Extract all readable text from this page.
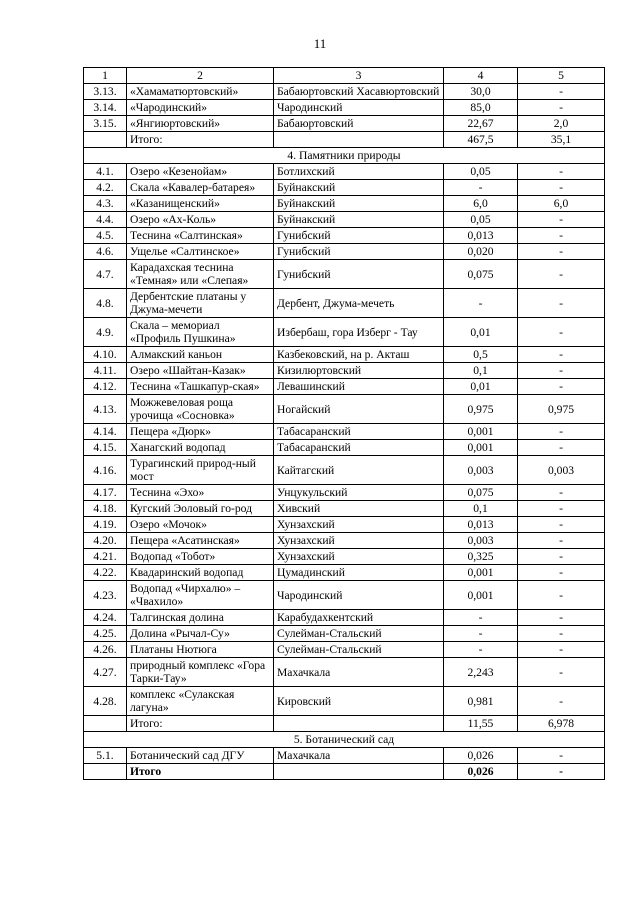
11
1	2	3	4	5
3.13.	«Хамаматюртовский»	Бабаюртовский Хасавюртовский	30,0	-
3.14.	«Чародинский»	Чародинский	85,0	-
3.15.	«Янгиюртовский»	Бабаюртовский	22,67	2,0
	Итого:		467,5	35,1
4. Памятники природы				
4.1.	Озеро «Кезенойам»	Ботлихский	0,05	-
4.2.	Скала «Кавалер-батарея»	Буйнакский	-	-
4.3.	«Казанищенский»	Буйнакский	6,0	6,0
4.4.	Озеро «Ах-Коль»	Буйнакский	0,05	-
4.5.	Теснина «Салтинская»	Гунибский	0,013	-
4.6.	Ущелье «Салтинское»	Гунибский	0,020	-
4.7.	Карадахская теснина «Темная» или «Слепая»	Гунибский	0,075	-
4.8.	Дербентские платаны у Джума-мечети	Дербент, Джума-мечеть	-	-
4.9.	Скала – мемориал «Профиль Пушкина»	Избербаш, гора Изберг - Тау	0,01	-
4.10.	Алмакский каньон	Казбековский, на р. Акташ	0,5	-
4.11.	Озеро «Шайтан-Казак»	Кизилюртовский	0,1	-
4.12.	Теснина «Ташкапур-ская»	Левашинский	0,01	-
4.13.	Можжевеловая роща урочища «Сосновка»	Ногайский	0,975	0,975
4.14.	Пещера «Дюрк»	Табасаранский	0,001	-
4.15.	Ханагский водопад	Табасаранский	0,001	-
4.16.	Турагинский природ-ный мост	Кайтагский	0,003	0,003
4.17.	Теснина «Эхо»	Унцукульский	0,075	-
4.18.	Кугский Эоловый го-род	Хивский	0,1	-
4.19.	Озеро «Мочок»	Хунзахский	0,013	-
4.20.	Пещера «Асатинская»	Хунзахский	0,003	-
4.21.	Водопад «Тобот»	Хунзахский	0,325	-
4.22.	Квадаринский водопад	Цумадинский	0,001	-
4.23.	Водопад «Чирхалю» – «Чвахило»	Чародинский	0,001	-
4.24.	Талгинская долина	Карабудахкентский	-	-
4.25.	Долина «Рычал-Су»	Сулейман-Стальский	-	-
4.26.	Платаны Нютюга	Сулейман-Стальский	-	-
4.27.	природный комплекс «Гора Тарки-Тау»	Махачкала	2,243	-
4.28.	комплекс «Сулакская лагуна»	Кировский	0,981	-
	Итого:		11,55	6,978
5. Ботанический сад				
5.1.	Ботанический сад ДГУ	Махачкала	0,026	-
	Итого		0,026	-
